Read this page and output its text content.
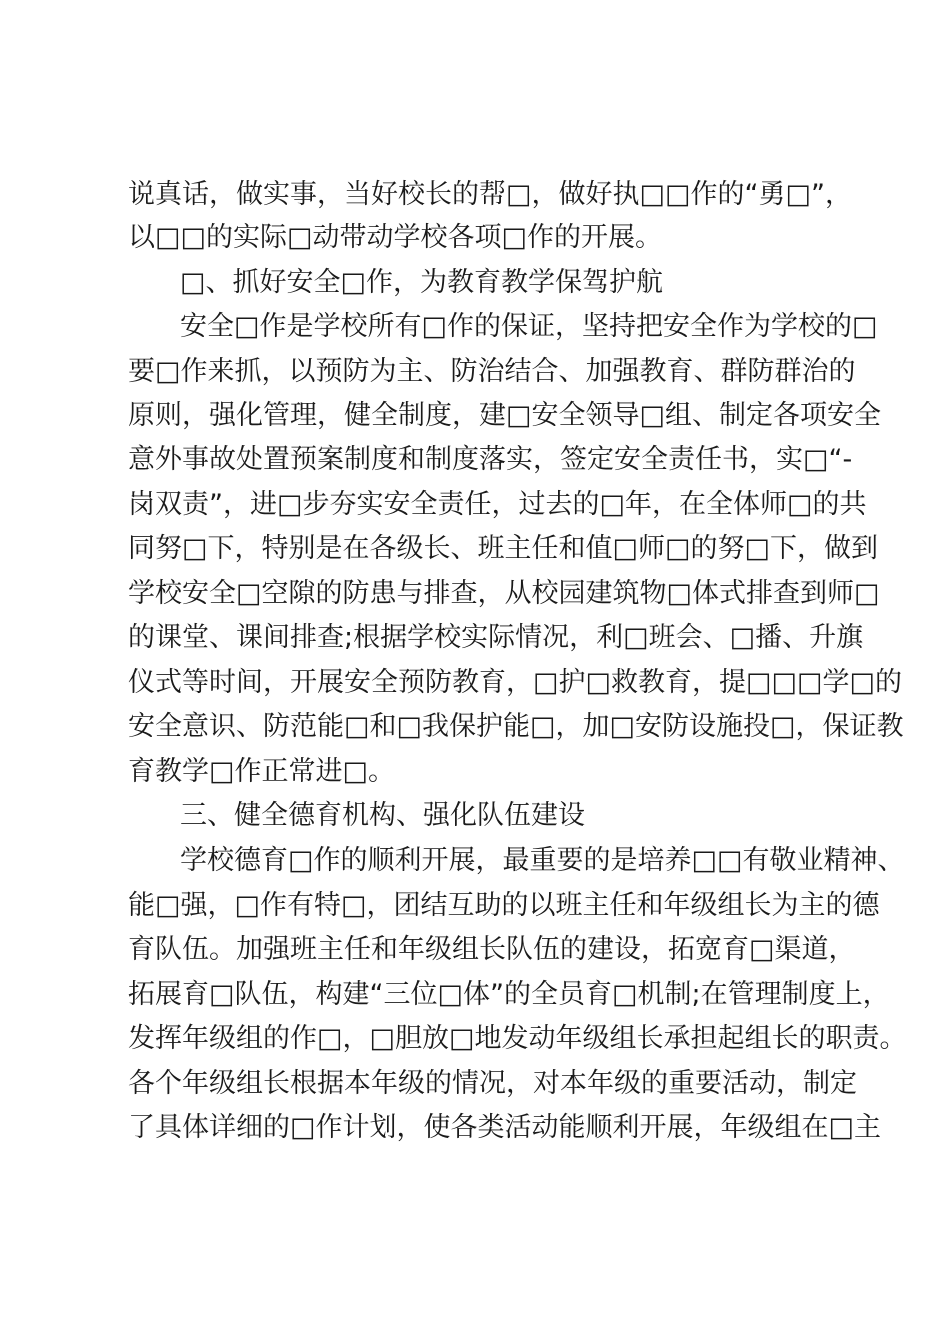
说真话，做实事，当好校长的帮□，做好执□□作的“勇□”，
以□□的实际□动带动学校各项□作的开展。
□、抓好安全□作，为教育教学保驾护航
安全□作是学校所有□作的保证，坚持把安全作为学校的□
要□作来抓，以预防为主、防治结合、加强教育、群防群治的
原则，强化管理，健全制度，建□安全领导□组、制定各项安全
意外事故处置预案制度和制度落实，签定安全责任书，实□“-
岗双责”，进□步夯实安全责任，过去的□年，在全体师□的共
同努□下，特别是在各级长、班主任和值□师□的努□下，做到
学校安全□空隙的防患与排查，从校园建筑物□体式排查到师□
的课堂、课间排查;根据学校实际情况，利□班会、□播、升旗
仪式等时间，开展安全预防教育，□护□救教育，提□□□学□的
安全意识、防范能□和□我保护能□，加□安防设施投□，保证教
育教学□作正常进□。
三、健全德育机构、强化队伍建设
学校德育□作的顺利开展，最重要的是培养□□有敬业精神、
能□强，□作有特□，团结互助的以班主任和年级组长为主的德
育队伍。加强班主任和年级组长队伍的建设，拓宽育□渠道，
拓展育□队伍，构建“三位□体”的全员育□机制;在管理制度上，
发挥年级组的作□，□胆放□地发动年级组长承担起组长的职责。
各个年级组长根据本年级的情况，对本年级的重要活动，制定
了具体详细的□作计划，使各类活动能顺利开展，年级组在□主
